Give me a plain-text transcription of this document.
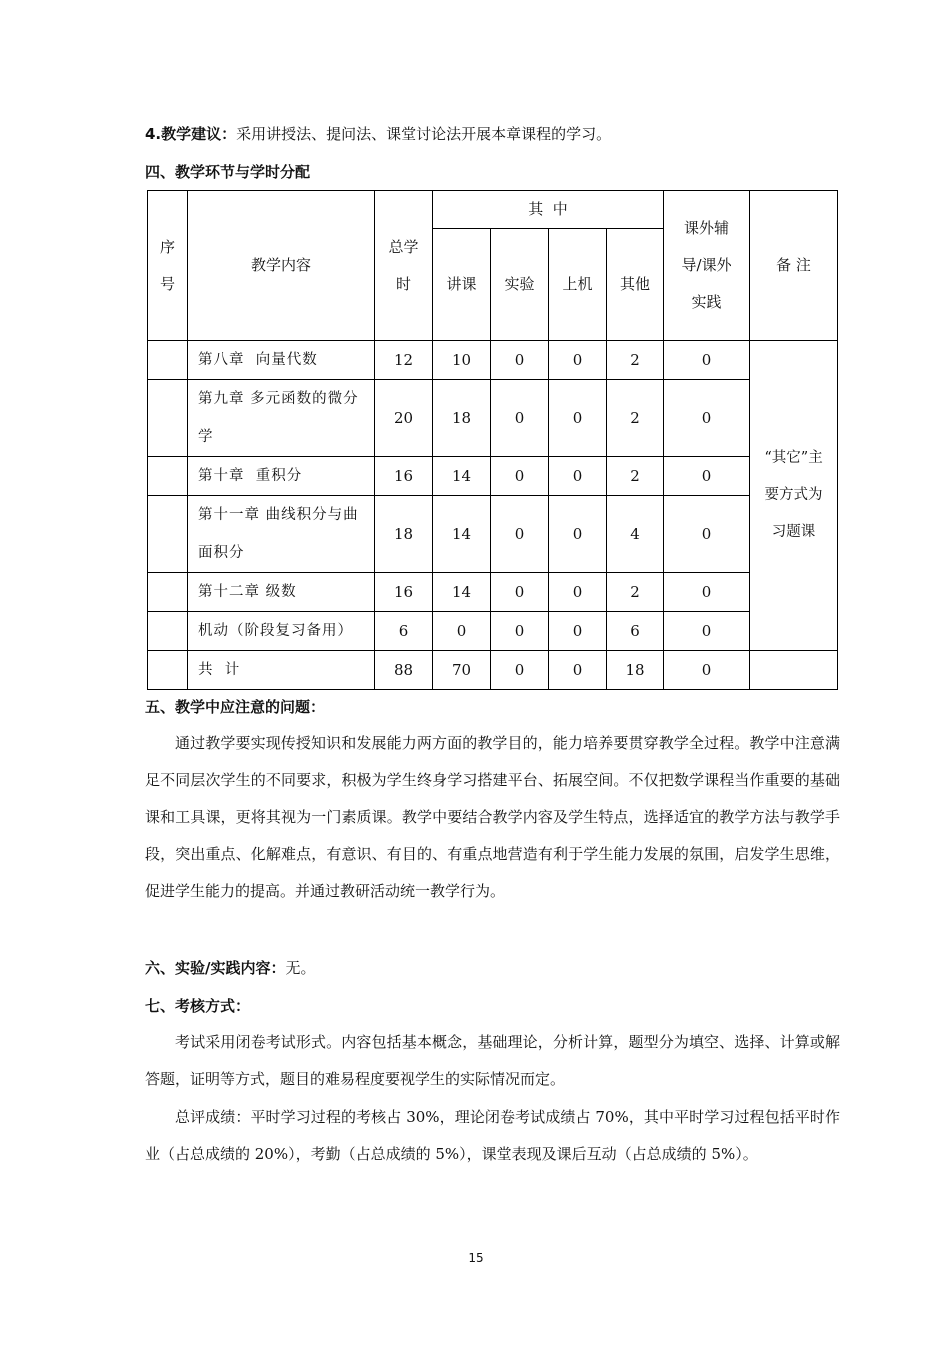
4.教学建议：采用讲授法、提问法、课堂讨论法开展本章课程的学习。
四、教学环节与学时分配
序号	教学内容	总学时	其  中				课外辅导/课外实践	备 注
			讲课	实验	上机	其他		
	第八章  向量代数	12	10	0	0	2	0	“其它”主要方式为习题课
	第九章 多元函数的微分学	20	18	0	0	2	0	
	第十章  重积分	16	14	0	0	2	0	
	第十一章 曲线积分与曲面积分	18	14	0	0	4	0	
	第十二章 级数	16	14	0	0	2	0	
	机动（阶段复习备用）	6	0	0	0	6	0	
	共  计	88	70	0	0	18	0	
五、教学中应注意的问题：

通过教学要实现传授知识和发展能力两方面的教学目的，能力培养要贯穿教学全过程。教学中注意满足不同层次学生的不同要求，积极为学生终身学习搭建平台、拓展空间。不仅把数学课程当作重要的基础课和工具课，更将其视为一门素质课。教学中要结合教学内容及学生特点，选择适宜的教学方法与教学手段，突出重点、化解难点，有意识、有目的、有重点地营造有利于学生能力发展的氛围，启发学生思维，促进学生能力的提高。并通过教研活动统一教学行为。

六、实验/实践内容：无。
七、考核方式：

考试采用闭卷考试形式。内容包括基本概念，基础理论，分析计算，题型分为填空、选择、计算或解答题，证明等方式，题目的难易程度要视学生的实际情况而定。

总评成绩：平时学习过程的考核占 30%，理论闭卷考试成绩占 70%，其中平时学习过程包括平时作业（占总成绩的 20%），考勤（占总成绩的 5%），课堂表现及课后互动（占总成绩的 5%）。

15
